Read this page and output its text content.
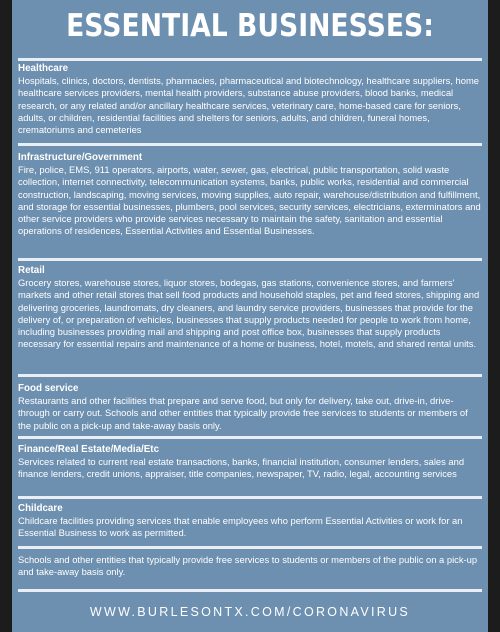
ESSENTIAL BUSINESSES:
Healthcare
Hospitals, clinics, doctors, dentists, pharmacies, pharmaceutical and biotechnology, healthcare suppliers, home healthcare services providers, mental health providers, substance abuse providers, blood banks, medical research, or any related and/or ancillary healthcare services, veterinary care, home-based care for seniors, adults, or children, residential facilities and shelters for seniors, adults, and children, funeral homes, crematoriums and cemeteries
Infrastructure/Government
Fire, police, EMS, 911 operators, airports, water, sewer, gas, electrical, public transportation, solid waste collection, internet connectivity, telecommunication systems, banks, public works, residential and commercial construction, landscaping, moving services, moving supplies, auto repair, warehouse/distribution and fulfillment, and storage for essential businesses, plumbers, pool services, security services, electricians, exterminators and other service providers who provide services necessary to maintain the safety, sanitation and essential operations of residences, Essential Activities and Essential Businesses.
Retail
Grocery stores, warehouse stores, liquor stores, bodegas, gas stations, convenience stores, and farmers' markets and other retail stores that sell food products and household staples, pet and feed stores, shipping and delivering groceries, laundromats, dry cleaners, and laundry service providers, businesses that provide for the delivery of, or preparation of vehicles, businesses that supply products needed for people to work from home, including businesses providing mail and shipping and post office box, businesses that supply products necessary for essential repairs and maintenance of a home or business, hotel, motels, and shared rental units.
Food service
Restaurants and other facilities that prepare and serve food, but only for delivery, take out, drive-in, drive-through or carry out. Schools and other entities that typically provide free services to students or members of the public on a pick-up and take-away basis only.
Finance/Real Estate/Media/Etc
Services related to current real estate transactions, banks, financial institution, consumer lenders, sales and finance lenders, credit unions, appraiser, title companies, newspaper, TV, radio, legal, accounting services
Childcare
Childcare facilities providing services that enable employees who perform Essential Activities or work for an Essential Business to work as permitted.
Schools and other entities that typically provide free services to students or members of the public on a pick-up and take-away basis only.
WWW.BURLESONTX.COM/CORONAVIRUS
